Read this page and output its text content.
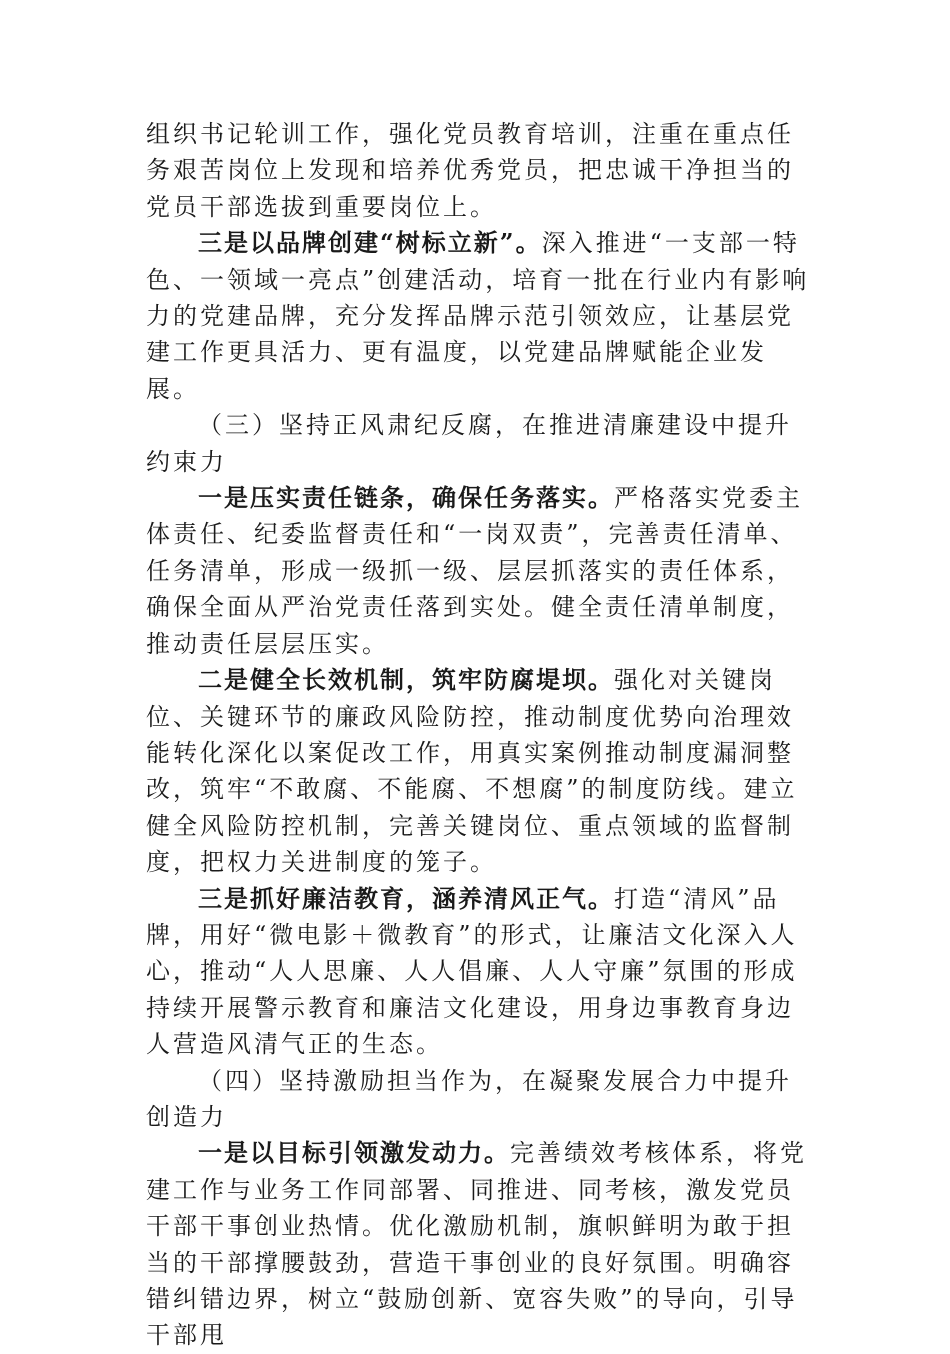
组织书记轮训工作，强化党员教育培训，注重在重点任务艰苦岗位上发现和培养优秀党员，把忠诚干净担当的党员干部选拔到重要岗位上。

三是以品牌创建“树标立新”。深入推进“一支部一特色、一领域一亮点”创建活动，培育一批在行业内有影响力的党建品牌，充分发挥品牌示范引领效应，让基层党建工作更具活力、更有温度，以党建品牌赋能企业发展。

（三）坚持正风肃纪反腐，在推进清廉建设中提升约束力

一是压实责任链条，确保任务落实。严格落实党委主体责任、纪委监督责任和“一岗双责”，完善责任清单、任务清单，形成一级抓一级、层层抓落实的责任体系，确保全面从严治党责任落到实处。健全责任清单制度，推动责任层层压实。

二是健全长效机制，筑牢防腐堤坝。强化对关键岗位、关键环节的廉政风险防控，推动制度优势向治理效能转化深化以案促改工作，用真实案例推动制度漏洞整改，筑牢“不敢腐、不能腐、不想腐”的制度防线。建立健全风险防控机制，完善关键岗位、重点领域的监督制度，把权力关进制度的笼子。

三是抓好廉洁教育，涵养清风正气。打造“清风”品牌，用好“微电影＋微教育”的形式，让廉洁文化深入人心，推动“人人思廉、人人倡廉、人人守廉”氛围的形成持续开展警示教育和廉洁文化建设，用身边事教育身边人营造风清气正的生态。

（四）坚持激励担当作为，在凝聚发展合力中提升创造力

一是以目标引领激发动力。完善绩效考核体系，将党建工作与业务工作同部署、同推进、同考核，激发党员干部干事创业热情。优化激励机制，旗帜鲜明为敢于担当的干部撑腰鼓劲，营造干事创业的良好氛围。明确容错纠错边界，树立“鼓励创新、宽容失败”的导向，引导干部甩
